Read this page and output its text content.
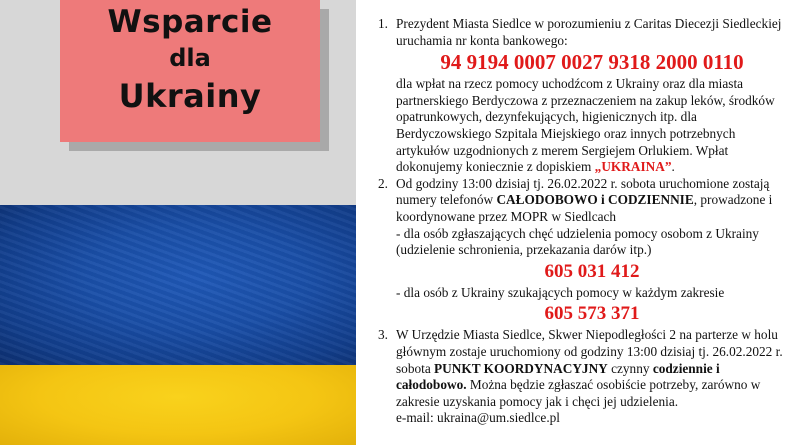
Wsparcie
dla
Ukrainy
1. Prezydent Miasta Siedlce w porozumieniu z Caritas Diecezji Siedleckiej uruchamia nr konta bankowego:
94 9194 0007 0027 9318 2000 0110
dla wpłat na rzecz pomocy uchodźcom z Ukrainy oraz dla miasta partnerskiego Berdyczowa z przeznaczeniem na zakup leków, środków opatrunkowych, dezynfekujących, higienicznych itp. dla Berdyczowskiego Szpitala Miejskiego oraz innych potrzebnych artykułów uzgodnionych z merem Sergiejem Orlukiem. Wpłat dokonujemy koniecznie z dopiskiem „UKRAINA”.
2. Od godziny 13:00 dzisiaj tj. 26.02.2022 r. sobota uruchomione zostają numery telefonów CAŁODOBOWO i CODZIENNIE, prowadzone i koordynowane przez MOPR w Siedlcach
- dla osób zgłaszających chęć udzielenia pomocy osobom z Ukrainy (udzielenie schronienia, przekazania darów itp.)
605 031 412
- dla osób z Ukrainy szukających pomocy w każdym zakresie
605 573 371
3. W Urzędzie Miasta Siedlce, Skwer Niepodległości 2 na parterze w holu głównym zostaje uruchomiony od godziny 13:00 dzisiaj tj. 26.02.2022 r. sobota PUNKT KOORDYNACYJNY czynny codziennie i całodobowo. Można będzie zgłaszać osobiście potrzeby, zarówno w zakresie uzyskania pomocy jak i chęci jej udzielenia.
e-mail: ukraina@um.siedlce.pl
